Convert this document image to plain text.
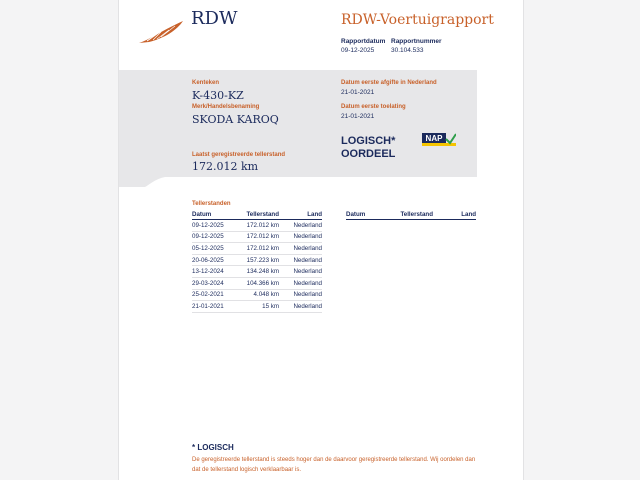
RDW	RDW-Voertuigrapport
Rapportdatum
09-12-2025
Rapportnummer
30.104.533
Kenteken
K-430-KZ
Merk/Handelsbenaming
SKODA KAROQ
Laatst geregistreerde tellerstand
172.012 km
Datum eerste afgifte in Nederland
21-01-2021
Datum eerste toelating
21-01-2021
LOGISCH*
OORDEEL
NAP
Tellerstanden
Datum	Tellerstand	Land
09-12-2025	172.012 km	Nederland
09-12-2025	172.012 km	Nederland
05-12-2025	172.012 km	Nederland
20-06-2025	157.223 km	Nederland
13-12-2024	134.248 km	Nederland
29-03-2024	104.366 km	Nederland
25-02-2021	4.048 km	Nederland
21-01-2021	15 km	Nederland
Datum	Tellerstand	Land
* LOGISCH
De geregistreerde tellerstand is steeds hoger dan de daarvoor geregistreerde tellerstand. Wij oordelen dan dat de tellerstand logisch verklaarbaar is.
